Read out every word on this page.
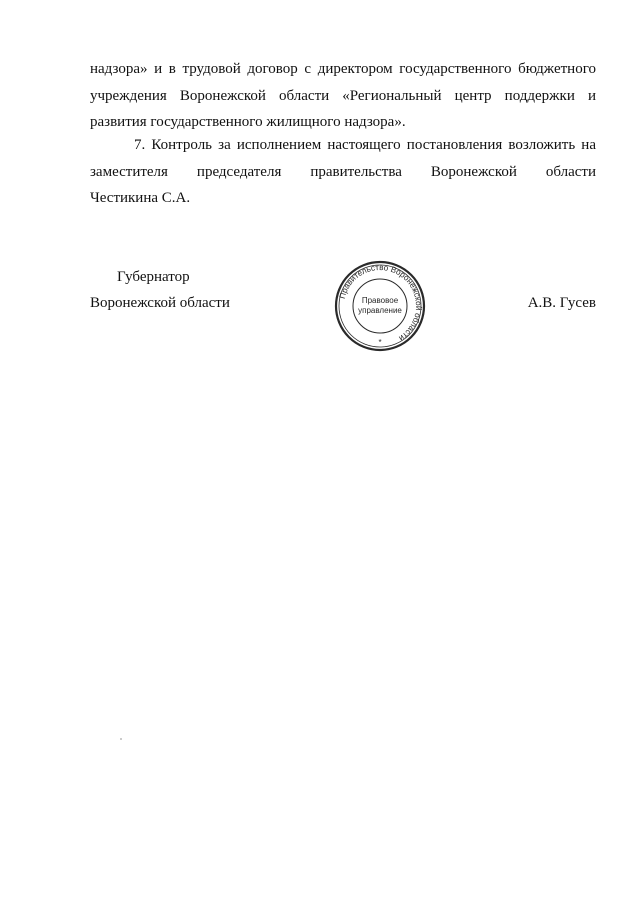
надзора» и в трудовой договор с директором государственного бюджетного
учреждения Воронежской области «Региональный центр поддержки и
развития государственного жилищного надзора».
7. Контроль за исполнением настоящего постановления возложить на
заместителя председателя правительства Воронежской области
Честикина С.А.
Губернатор
Воронежской области	Правительство Воронежской области
Правовое
управление
*
А.В. Гусев
